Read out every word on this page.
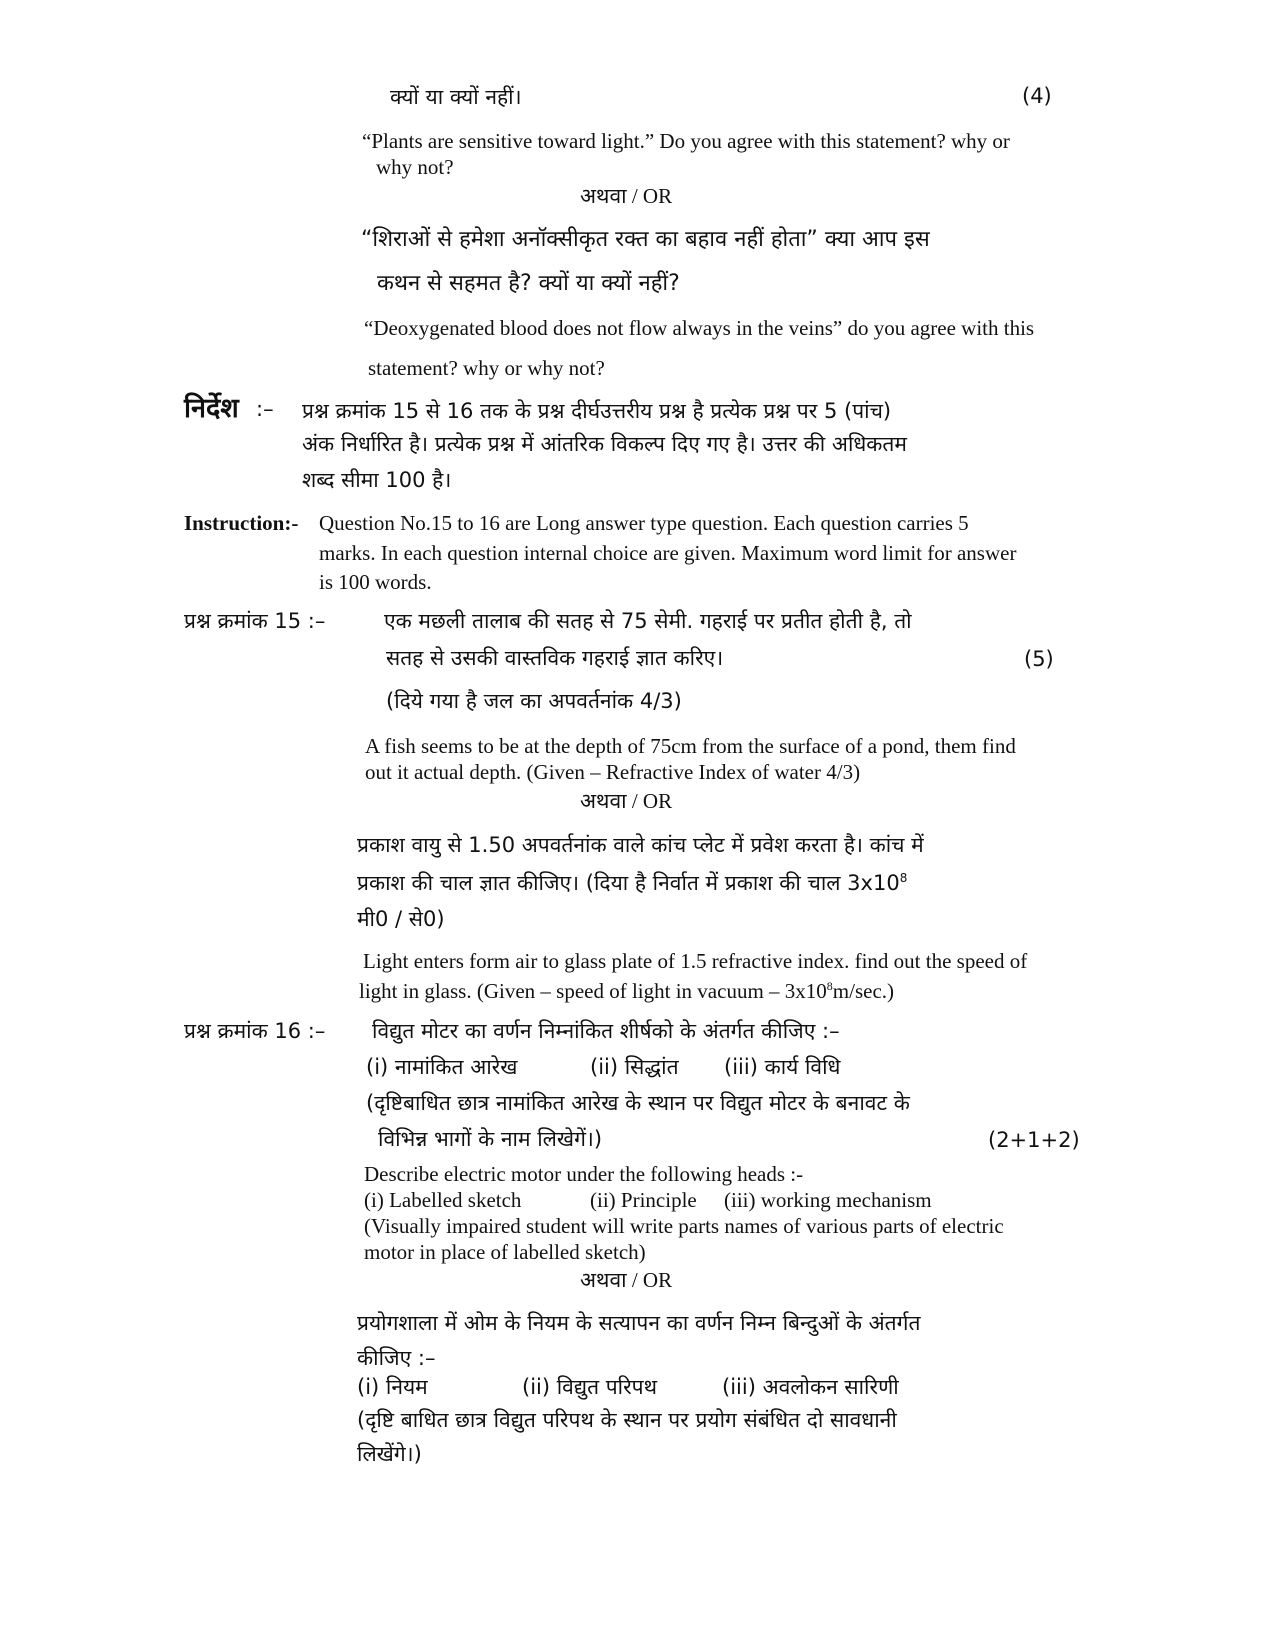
क्यों या क्यों नहीं।	(4)
“Plants are sensitive toward light.” Do you agree with this statement? why or
why not?
अथवा / OR
“शिराओं से हमेशा अनॉक्सीकृत रक्त का बहाव नहीं होता” क्या आप इस
कथन से सहमत है? क्यों या क्यों नहीं?
“Deoxygenated blood does not flow always in the veins” do you agree with this
statement? why or why not?
निर्देश :– प्रश्न क्रमांक 15 से 16 तक के प्रश्न दीर्घउत्तरीय प्रश्न है प्रत्येक प्रश्न पर 5 (पांच)
अंक निर्धारित है। प्रत्येक प्रश्न में आंतरिक विकल्प दिए गए है। उत्तर की अधिकतम
शब्द सीमा 100 है।
Instruction:- Question No.15 to 16 are Long answer type question. Each question carries 5
marks. In each question internal choice are given. Maximum word limit for answer
is 100 words.
प्रश्न क्रमांक 15 :–	एक मछली तालाब की सतह से 75 सेमी. गहराई पर प्रतीत होती है, तो
सतह से उसकी वास्तविक गहराई ज्ञात करिए।	(5)
(दिये गया है जल का अपवर्तनांक 4/3)
A fish seems to be at the depth of 75cm from the surface of a pond, them find
out it actual depth. (Given – Refractive Index of water 4/3)
अथवा / OR
प्रकाश वायु से 1.50 अपवर्तनांक वाले कांच प्लेट में प्रवेश करता है। कांच में
प्रकाश की चाल ज्ञात कीजिए। (दिया है निर्वात में प्रकाश की चाल $3x10^8$
मी0 / से0)
Light enters form air to glass plate of 1.5 refractive index. find out the speed of
light in glass. (Given – speed of light in vacuum – $3x10^8m/\sec$.)
प्रश्न क्रमांक 16 :– विद्युत मोटर का वर्णन निम्नांकित शीर्षको के अंतर्गत कीजिए :–
(i) नामांकित आरेख	(ii) सिद्धांत (iii) कार्य विधि
(दृष्टिबाधित छात्र नामांकित आरेख के स्थान पर विद्युत मोटर के बनावट के
विभिन्न भागों के नाम लिखेगें।)	(2+1+2)
Describe electric motor under the following heads :-
(i) Labelled sketch	(ii) Principle (iii) working mechanism
(Visually impaired student will write parts names of various parts of electric
motor in place of labelled sketch)
अथवा / OR
प्रयोगशाला में ओम के नियम के सत्यापन का वर्णन निम्न बिन्दुओं के अंतर्गत
कीजिए :–
(i) नियम	(ii) विद्युत परिपथ	(iii) अवलोकन सारिणी
(दृष्टि बाधित छात्र विद्युत परिपथ के स्थान पर प्रयोग संबंधित दो सावधानी
लिखेंगे।)
